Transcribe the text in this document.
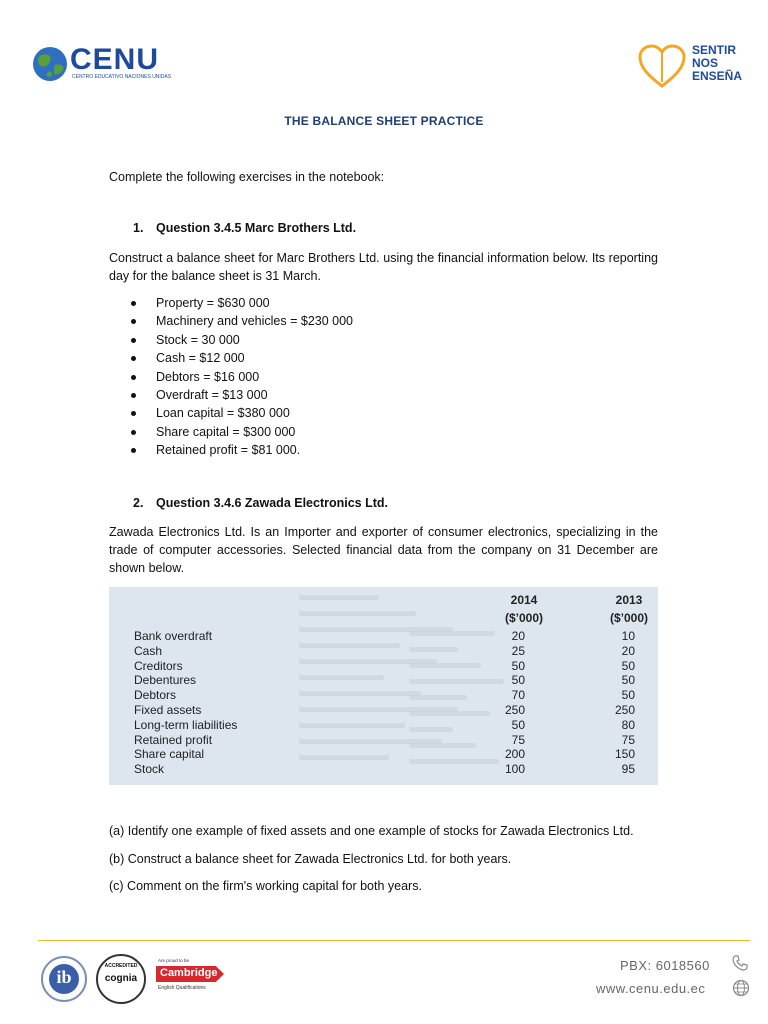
CENU
CENTRO EDUCATIVO NACIONES UNIDAS
SENTIR
NOS
ENSEÑA
THE BALANCE SHEET PRACTICE
Complete the following exercises in the notebook:
1. Question 3.4.5 Marc Brothers Ltd.
Construct a balance sheet for Marc Brothers Ltd. using the financial information below. Its reporting day for the balance sheet is 31 March.
Property = $630 000
Machinery and vehicles = $230 000
Stock = 30 000
Cash = $12 000
Debtors = $16 000
Overdraft = $13 000
Loan capital = $380 000
Share capital = $300 000
Retained profit = $81 000.
2. Question 3.4.6 Zawada Electronics Ltd.
Zawada Electronics Ltd. Is an Importer and exporter of consumer electronics, specializing in the trade of computer accessories. Selected financial data from the company on 31 December are shown below.
2014	2013
($’000)	($’000)
Bank overdraft	20	10
Cash	25	20
Creditors	50	50
Debentures	50	50
Debtors	70	50
Fixed assets	250	250
Long-term liabilities	50	80
Retained profit	75	75
Share capital	200	150
Stock	100	95
(a) Identify one example of fixed assets and one example of stocks for Zawada Electronics Ltd.
(b) Construct a balance sheet for Zawada Electronics Ltd. for both years.
(c) Comment on the firm's working capital for both years.
ib
ACCREDITED
cognia
Are proud to be
Cambridge
English Qualifications
PBX: 6018560
www.cenu.edu.ec
